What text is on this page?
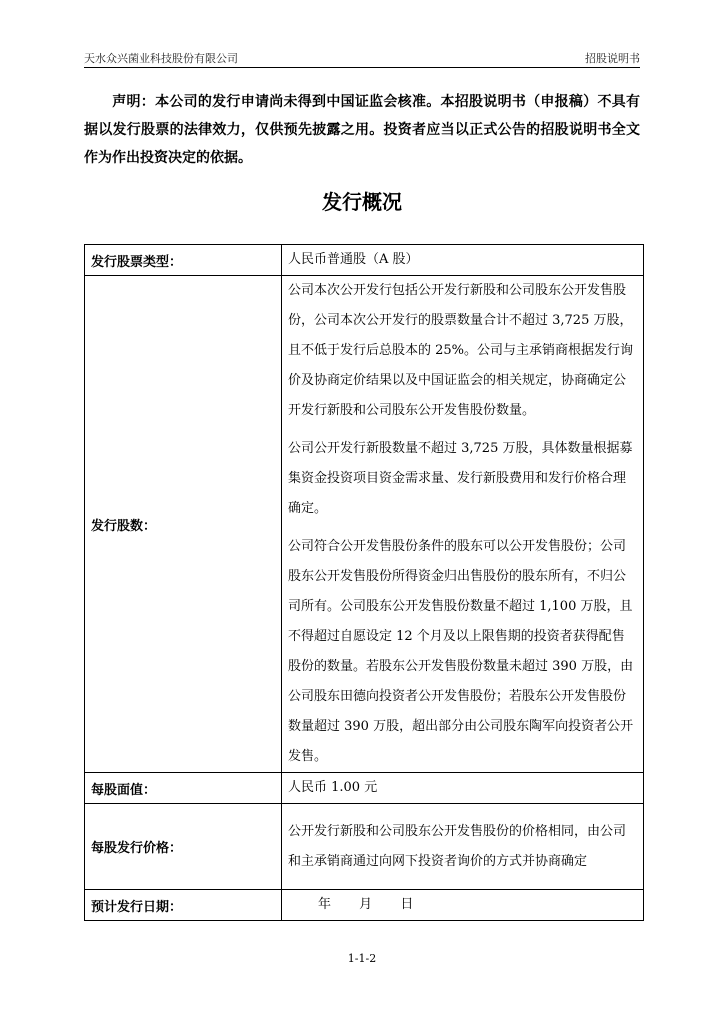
天水众兴菌业科技股份有限公司	招股说明书
声明：本公司的发行申请尚未得到中国证监会核准。本招股说明书（申报稿）不具有据以发行股票的法律效力，仅供预先披露之用。投资者应当以正式公告的招股说明书全文作为作出投资决定的依据。
发行概况
发行股票类型：	人民币普通股（A 股）
发行股数：	公司本次公开发行包括公开发行新股和公司股东公开发售股份，公司本次公开发行的股票数量合计不超过 3,725 万股，且不低于发行后总股本的 25%。公司与主承销商根据发行询价及协商定价结果以及中国证监会的相关规定，协商确定公开发行新股和公司股东公开发售股份数量。

公司公开发行新股数量不超过 3,725 万股，具体数量根据募集资金投资项目资金需求量、发行新股费用和发行价格合理确定。

公司符合公开发售股份条件的股东可以公开发售股份；公司股东公开发售股份所得资金归出售股份的股东所有，不归公司所有。公司股东公开发售股份数量不超过 1,100 万股，且不得超过自愿设定 12 个月及以上限售期的投资者获得配售股份的数量。若股东公开发售股份数量未超过 390 万股，由公司股东田德向投资者公开发售股份；若股东公开发售股份数量超过 390 万股，超出部分由公司股东陶军向投资者公开发售。

每股面值：	人民币 1.00 元
每股发行价格：	公开发行新股和公司股东公开发售股份的价格相同，由公司和主承销商通过向网下投资者询价的方式并协商确定
预计发行日期：	年 月 日
1-1-2
